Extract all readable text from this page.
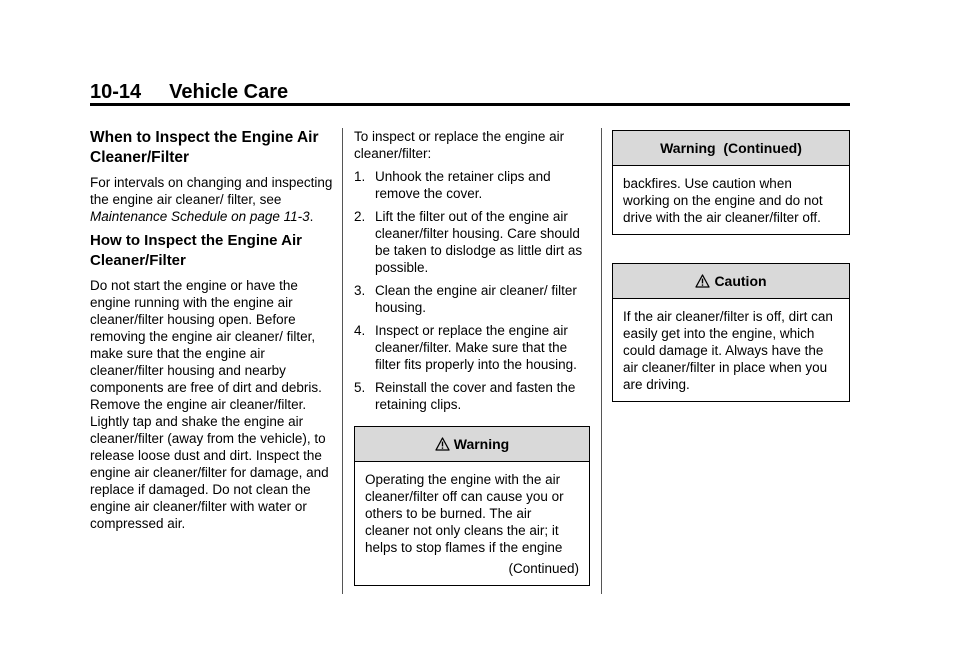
10-14 Vehicle Care
When to Inspect the Engine Air Cleaner/Filter

For intervals on changing and inspecting the engine air cleaner/ filter, see Maintenance Schedule on page 11-3.

How to Inspect the Engine Air Cleaner/Filter

Do not start the engine or have the engine running with the engine air cleaner/filter housing open. Before removing the engine air cleaner/ filter, make sure that the engine air cleaner/filter housing and nearby components are free of dirt and debris. Remove the engine air cleaner/filter. Lightly tap and shake the engine air cleaner/filter (away from the vehicle), to release loose dust and dirt. Inspect the engine air cleaner/filter for damage, and replace if damaged. Do not clean the engine air cleaner/filter with water or compressed air.

To inspect or replace the engine air cleaner/filter:

1. Unhook the retainer clips and remove the cover.
2. Lift the filter out of the engine air cleaner/filter housing. Care should be taken to dislodge as little dirt as possible.
3. Clean the engine air cleaner/ filter housing.
4. Inspect or replace the engine air cleaner/filter. Make sure that the filter fits properly into the housing.
5. Reinstall the cover and fasten the retaining clips.
Warning

Operating the engine with the air cleaner/filter off can cause you or others to be burned. The air cleaner not only cleans the air; it helps to stop flames if the engine

(Continued)
Warning  (Continued)

backfires. Use caution when working on the engine and do not drive with the air cleaner/filter off.

Caution

If the air cleaner/filter is off, dirt can easily get into the engine, which could damage it. Always have the air cleaner/filter in place when you are driving.
